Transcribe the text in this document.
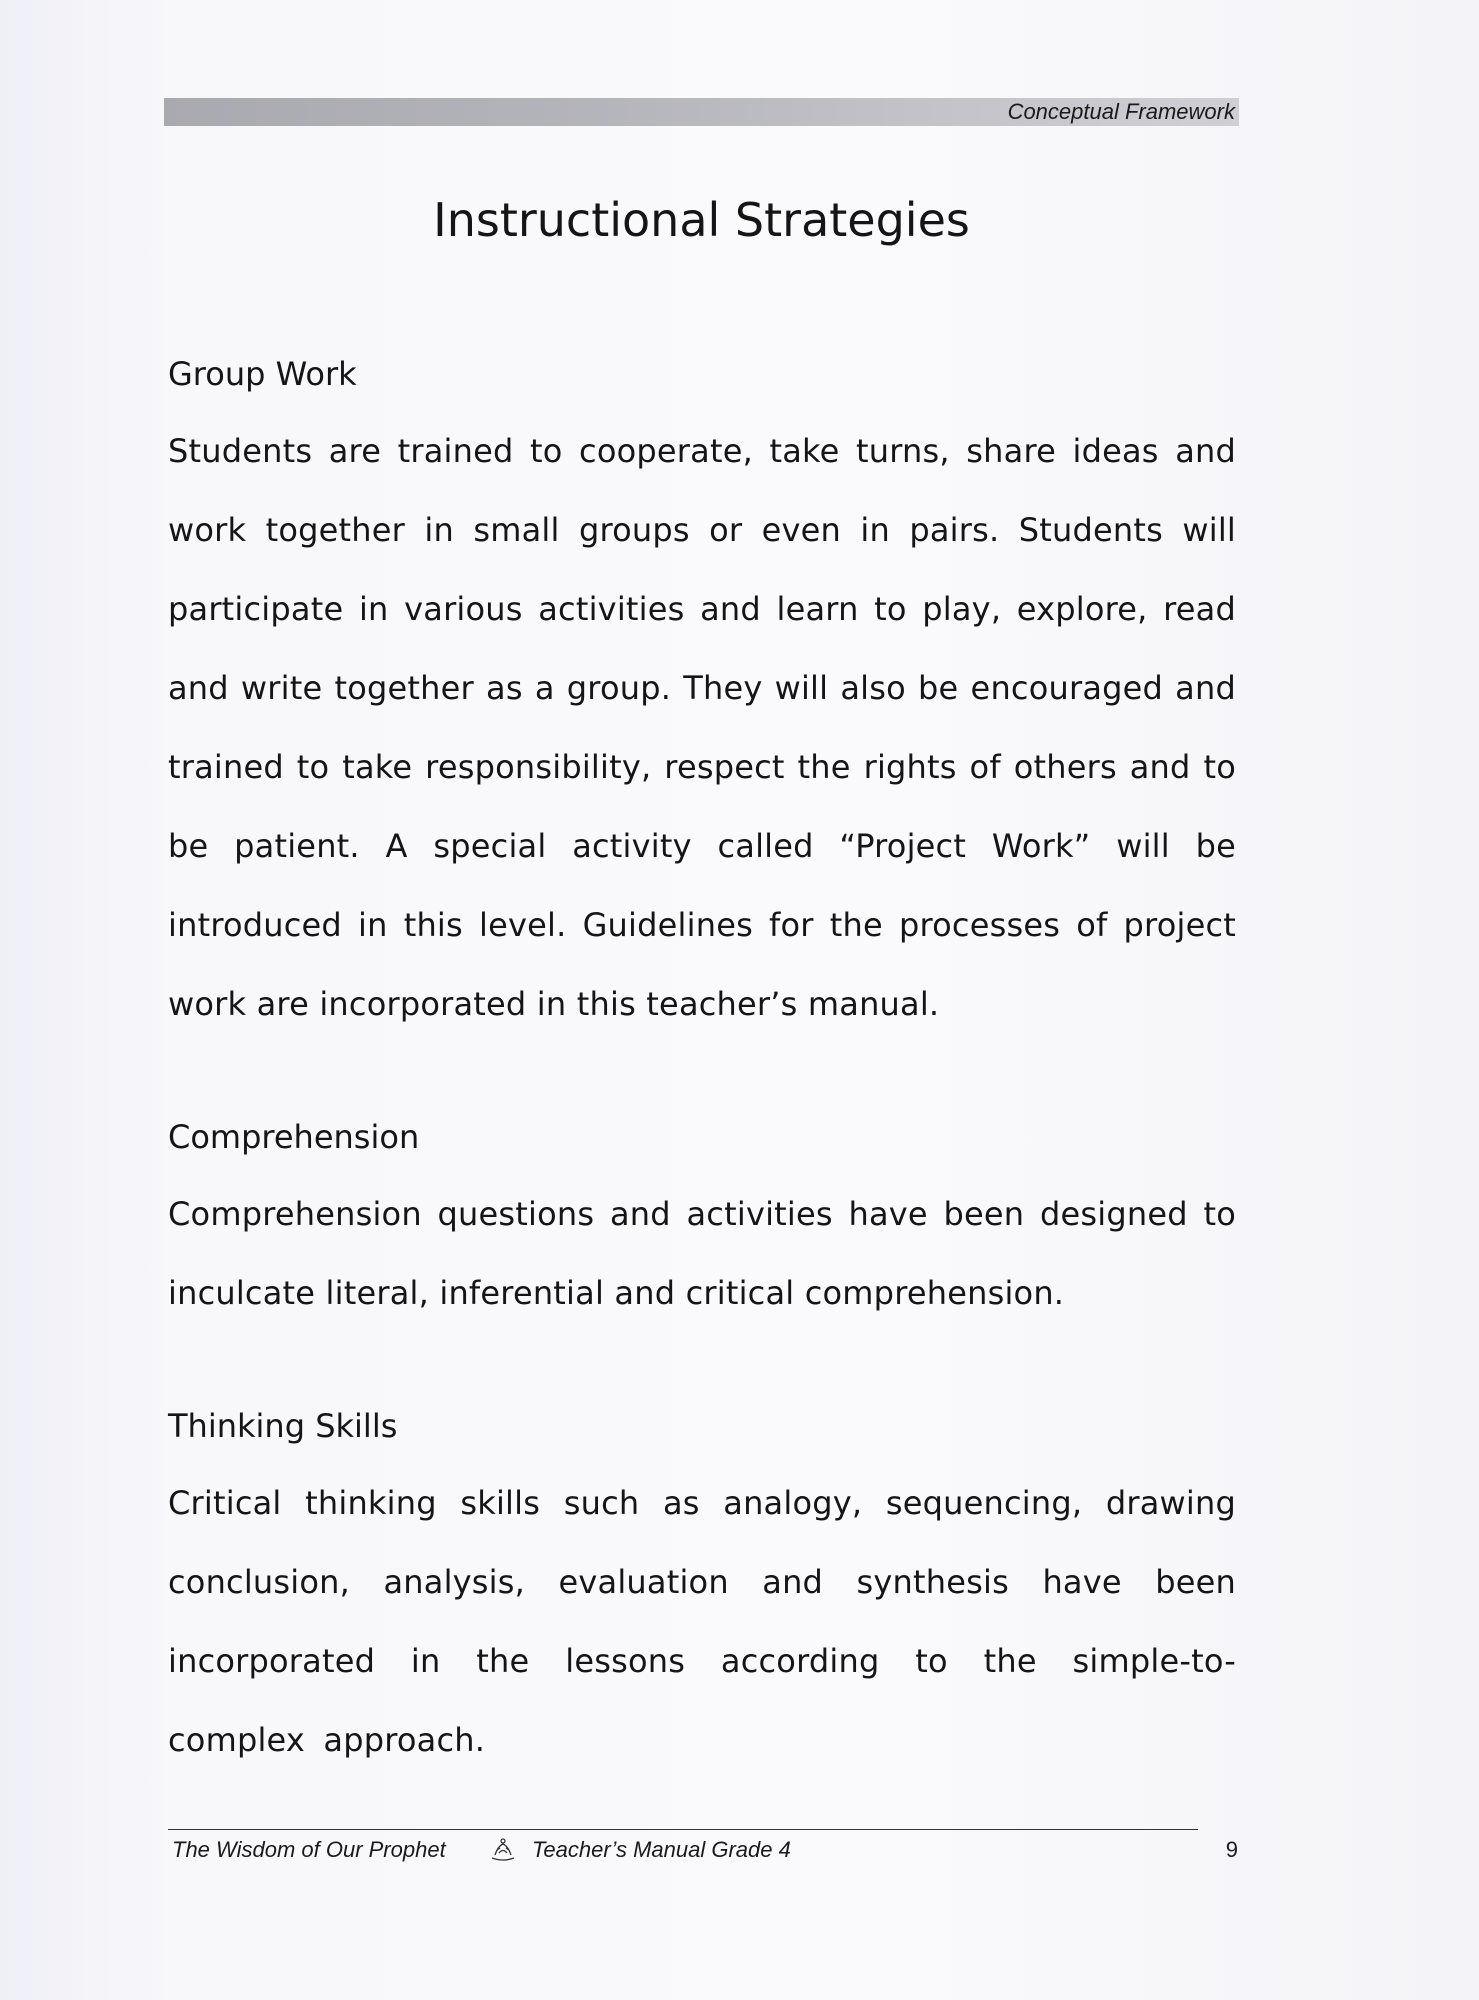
Conceptual Framework
Instructional Strategies
Group Work

Students are trained to cooperate, take turns, share ideas and work together in small groups or even in pairs. Students will participate in various activities and learn to play, explore, read and write together as a group. They will also be encouraged and trained to take responsibility, respect the rights of others and to be patient. A special activity called “Project Work” will be introduced in this level. Guidelines for the processes of project work are incorporated in this teacher’s manual.

Comprehension

Comprehension questions and activities have been designed to inculcate literal, inferential and critical comprehension.

Thinking Skills

Critical thinking skills such as analogy, sequencing, drawing conclusion, analysis, evaluation and synthesis have been incorporated in the lessons according to the simple-to-complex approach.

The Wisdom of Our Prophet	Teacher’s Manual Grade 4	9
